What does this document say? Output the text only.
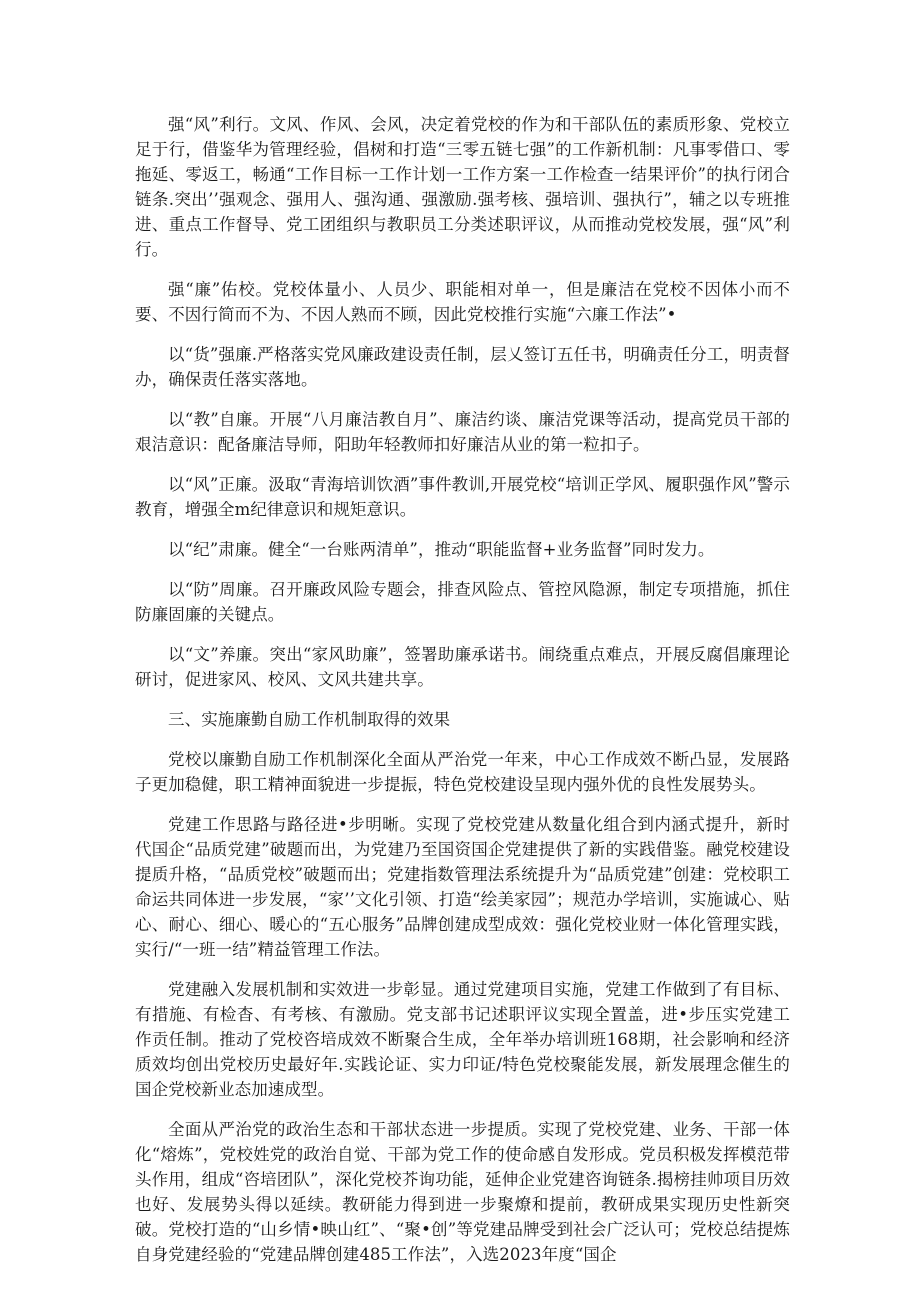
强“风”利行。文风、作风、会风，决定着党校的作为和干部队伍的素质形象、党校立足于行，借鉴华为管理经验，倡树和打造“三零五链七强”的工作新机制：凡事零借口、零拖延、零返工，畅通“工作目标一工作计划一工作方案一工作检查一结果评价”的执行闭合链条.突出’’强观念、强用人、强沟通、强激励.强考核、强培训、强执行”，辅之以专班推进、重点工作督导、党工团组织与教职员工分类述职评议，从而推动党校发展，强“风”利行。

强“廉”佑校。党校体量小、人员少、职能相对单一，但是廉洁在党校不因体小而不要、不因行简而不为、不因人熟而不顾，因此党校推行实施“六廉工作法”•

以“货”强廉.严格落实党风廉政建设责任制，层乂签订五任书，明确责任分工，明责督办，确保责任落实落地。

以“教”自廉。开展“八月廉洁教自月”、廉洁约谈、廉洁党课等活动，提高党员干部的艰洁意识：配备廉洁导师，阳助年轻教师扣好廉洁从业的第一粒扣子。

以“风”正廉。汲取“青海培训饮酒”事件教训,开展党校“培训正学风、履职强作风”警示教育，增强全m纪律意识和规矩意识。

以“纪”肃廉。健全“一台账两清单”，推动“职能监督+业务监督”同时发力。

以“防”周廉。召开廉政风险专题会，排查风险点、管控风隐源，制定专项措施，抓住防廉固廉的关键点。

以“文”养廉。突出“家风助廉”，签署助廉承诺书。闹绕重点难点，开展反腐倡廉理论研讨，促进家风、校风、文风共建共享。

三、实施廉勤自励工作机制取得的效果

党校以廉勤自励工作机制深化全面从严治党一年来，中心工作成效不断凸显，发展路子更加稳健，职工精神面貌进一步提振，特色党校建设呈现内强外优的良性发展势头。

党建工作思路与路径进•步明晰。实现了党校党建从数量化组合到内涵式提升，新时代国企“品质党建”破题而出，为党建乃至国资国企党建提供了新的实践借鉴。融党校建设提质升格，“品质党校”破题而出；党建指数管理法系统提升为“品质党建”创建：党校职工命运共同体进一步发展，“家’’文化引领、打造“绘美家园”；规范办学培训，实施诚心、贴心、耐心、细心、暖心的“五心服务”品牌创建成型成效：强化党校业财一体化管理实践，实行/“一班一结”精益管理工作法。

党建融入发展机制和实效进一步彰显。通过党建项目实施，党建工作做到了有目标、有措施、有检杳、有考核、有激励。党支部书记述职评议实现全置盖，进•步压实党建工作贡任制。推动了党校咨培成效不断聚合生成，全年举办培训班168期，社会影响和经济质效均创出党校历史最好年.实践论证、实力印证/特色党校聚能发展，新发展理念催生的国企党校新业态加速成型。

全面从严治党的政治生态和干部状态进一步提质。实现了党校党建、业务、干部一体化“熔炼”，党校姓党的政治自觉、干部为党工作的使命感自发形成。党员积极发挥模范带头作用，组成“咨培团队”，深化党校芥询功能，延伸企业党建咨询链条.揭榜挂帅项目历效也好、发展势头得以延续。教研能力得到进一步聚燎和提前，教研成果实现历史性新突破。党校打造的“山乡情•映山红”、“聚•创”等党建品牌受到社会广泛认可；党校总结提炼自身党建经验的“党建品牌创建485工作法”，入选2023年度“国企
